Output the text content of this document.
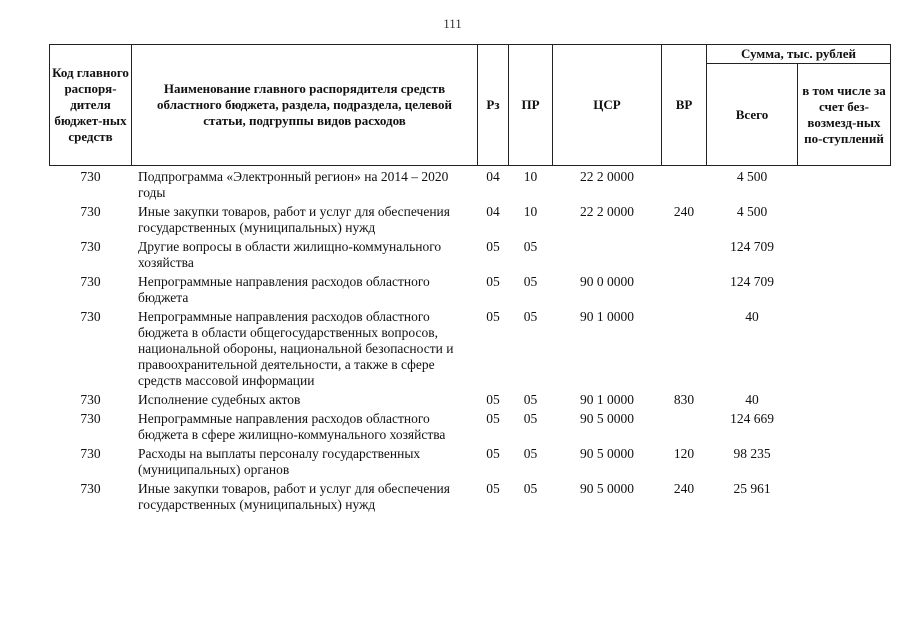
111
Код главного распоря-дителя бюджет-ных средств	Наименование главного распорядителя средств областного бюджета, раздела, подраздела, целевой статьи, подгруппы видов расходов	Рз	ПР	ЦСР	ВР	Сумма, тыс. рублей	
						Всего	в том числе за счет без-возмезд-ных по-ступлений
730	Подпрограмма «Электронный регион» на 2014 – 2020 годы	04	10	22 2 0000		4 500	
730	Иные закупки товаров, работ и услуг для обеспечения государственных (муниципальных) нужд	04	10	22 2 0000	240	4 500	
730	Другие вопросы в области жилищно-коммунального хозяйства	05	05			124 709	
730	Непрограммные направления расходов областного бюджета	05	05	90 0 0000		124 709	
730	Непрограммные направления расходов областного бюджета в области общегосударственных вопросов, национальной обороны, национальной безопасности и правоохранительной деятельности, а также в сфере средств массовой информации	05	05	90 1 0000		40	
730	Исполнение судебных актов	05	05	90 1 0000	830	40	
730	Непрограммные направления расходов областного бюджета в сфере жилищно-коммунального хозяйства	05	05	90 5 0000		124 669	
730	Расходы на выплаты персоналу государственных (муниципальных) органов	05	05	90 5 0000	120	98 235	
730	Иные закупки товаров, работ и услуг для обеспечения государственных (муниципальных) нужд	05	05	90 5 0000	240	25 961	
